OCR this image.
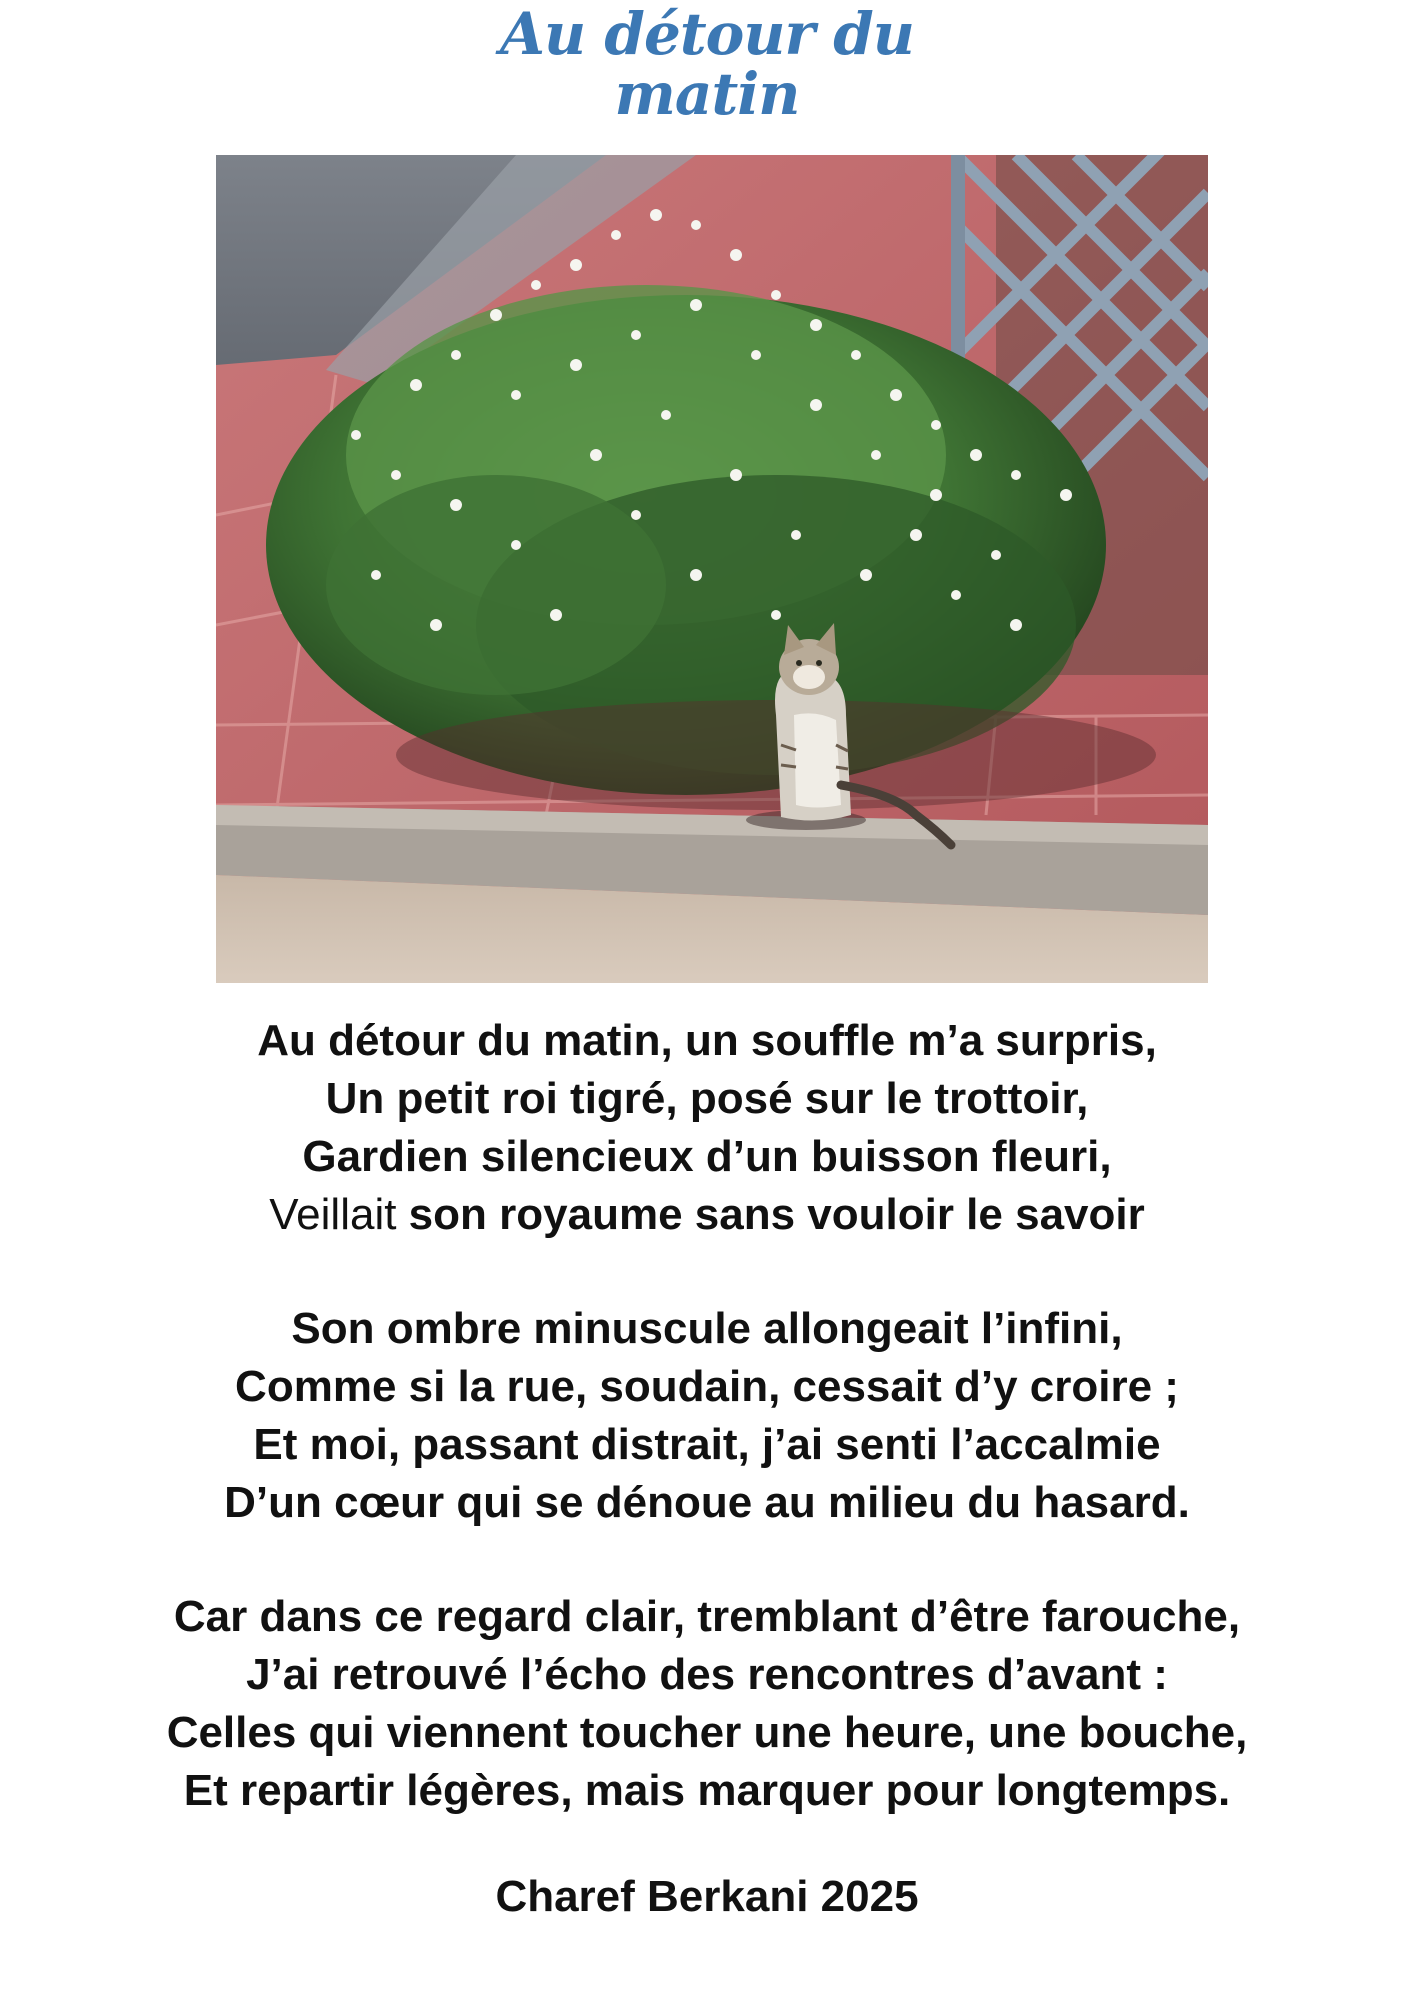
Au détour du
matin
Au détour du matin, un souffle m’a surpris,
Un petit roi tigré, posé sur le trottoir,
Gardien silencieux d’un buisson fleuri,
Veillait son royaume sans vouloir le savoir
Son ombre minuscule allongeait l’infini,
Comme si la rue, soudain, cessait d’y croire ;
Et moi, passant distrait, j’ai senti l’accalmie
D’un cœur qui se dénoue au milieu du hasard.
Car dans ce regard clair, tremblant d’être farouche,
J’ai retrouvé l’écho des rencontres d’avant :
Celles qui viennent toucher une heure, une bouche,
Et repartir légères, mais marquer pour longtemps.
Charef Berkani 2025
